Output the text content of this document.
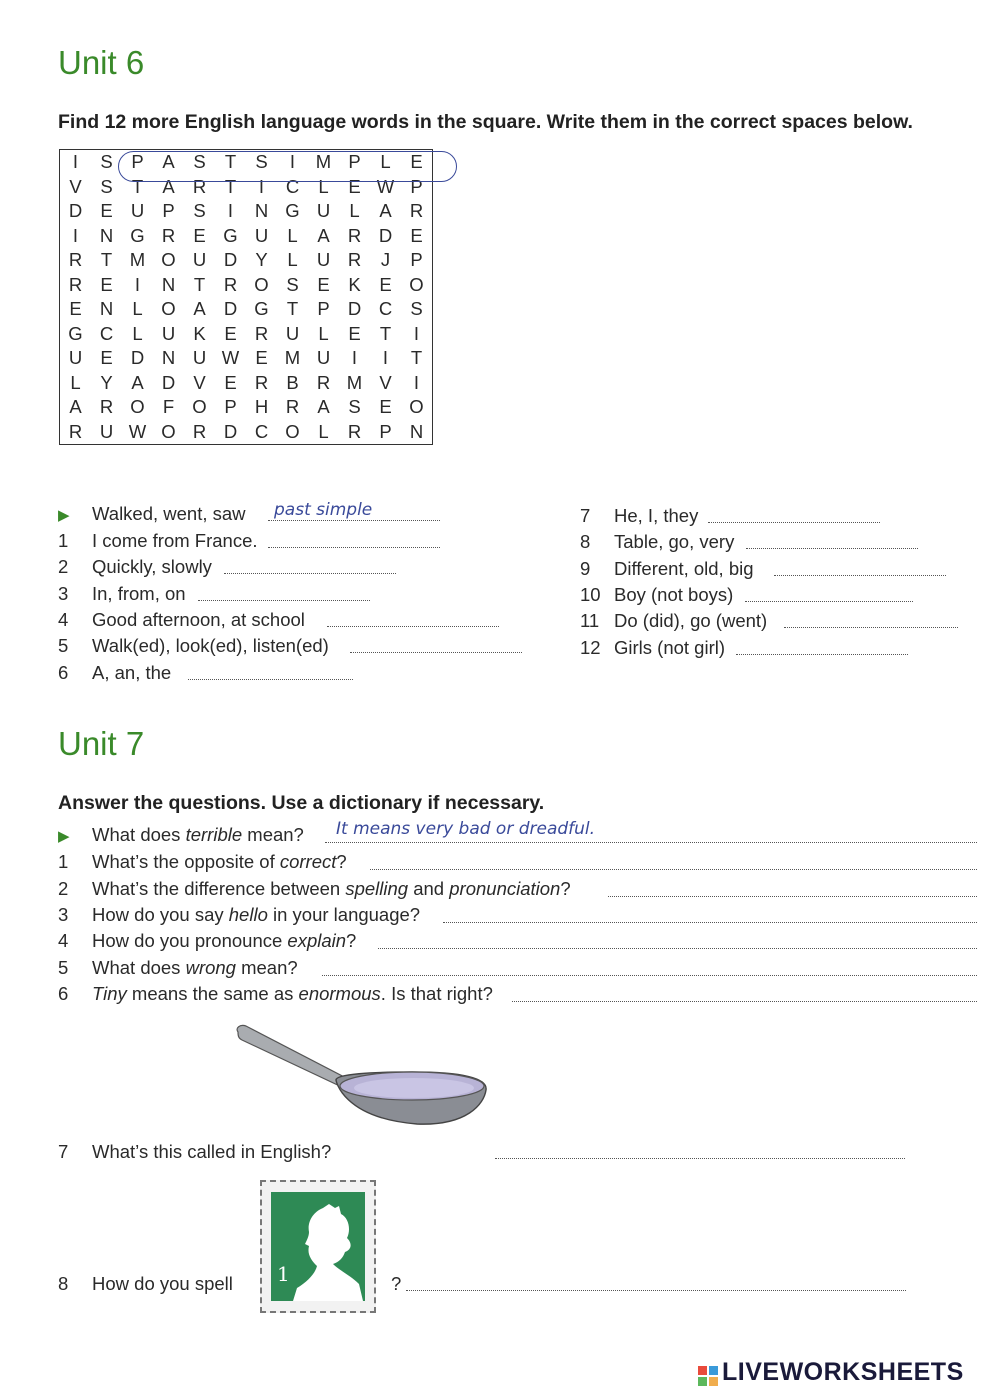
Unit 6
Find 12 more English language words in the square. Write them in the correct spaces below.
I	S	P	A	S	T	S	I	M	P	L	E
V	S	T	A	R	T	I	C	L	E	W	P
D	E	U	P	S	I	N	G	U	L	A	R
I	N	G	R	E	G	U	L	A	R	D	E
R	T	M	O	U	D	Y	L	U	R	J	P
R	E	I	N	T	R	O	S	E	K	E	O
E	N	L	O	A	D	G	T	P	D	C	S
G	C	L	U	K	E	R	U	L	E	T	I
U	E	D	N	U	W	E	M	U	I	I	T
L	Y	A	D	V	E	R	B	R	M	V	I
A	R	O	F	O	P	H	R	A	S	E	O
R	U	W	O	R	D	C	O	L	R	P	N
▶ Walked, went, saw past simple
1 I come from France.
2 Quickly, slowly
3 In, from, on
4 Good afternoon, at school
5 Walk(ed), look(ed), listen(ed)
6 A, an, the
7 He, I, they
8 Table, go, very
9 Different, old, big
10 Boy (not boys)
11 Do (did), go (went)
12 Girls (not girl)
Unit 7
Answer the questions. Use a dictionary if necessary.
▶ What does terrible mean? It means very bad or dreadful.
1 What’s the opposite of correct?
2 What’s the difference between spelling and pronunciation?
3 How do you say hello in your language?
4 How do you pronounce explain?
5 What does wrong mean?
6 Tiny means the same as enormous. Is that right?
7 What’s this called in English?
1
8 How do you spell	?
LIVEWORKSHEETS
